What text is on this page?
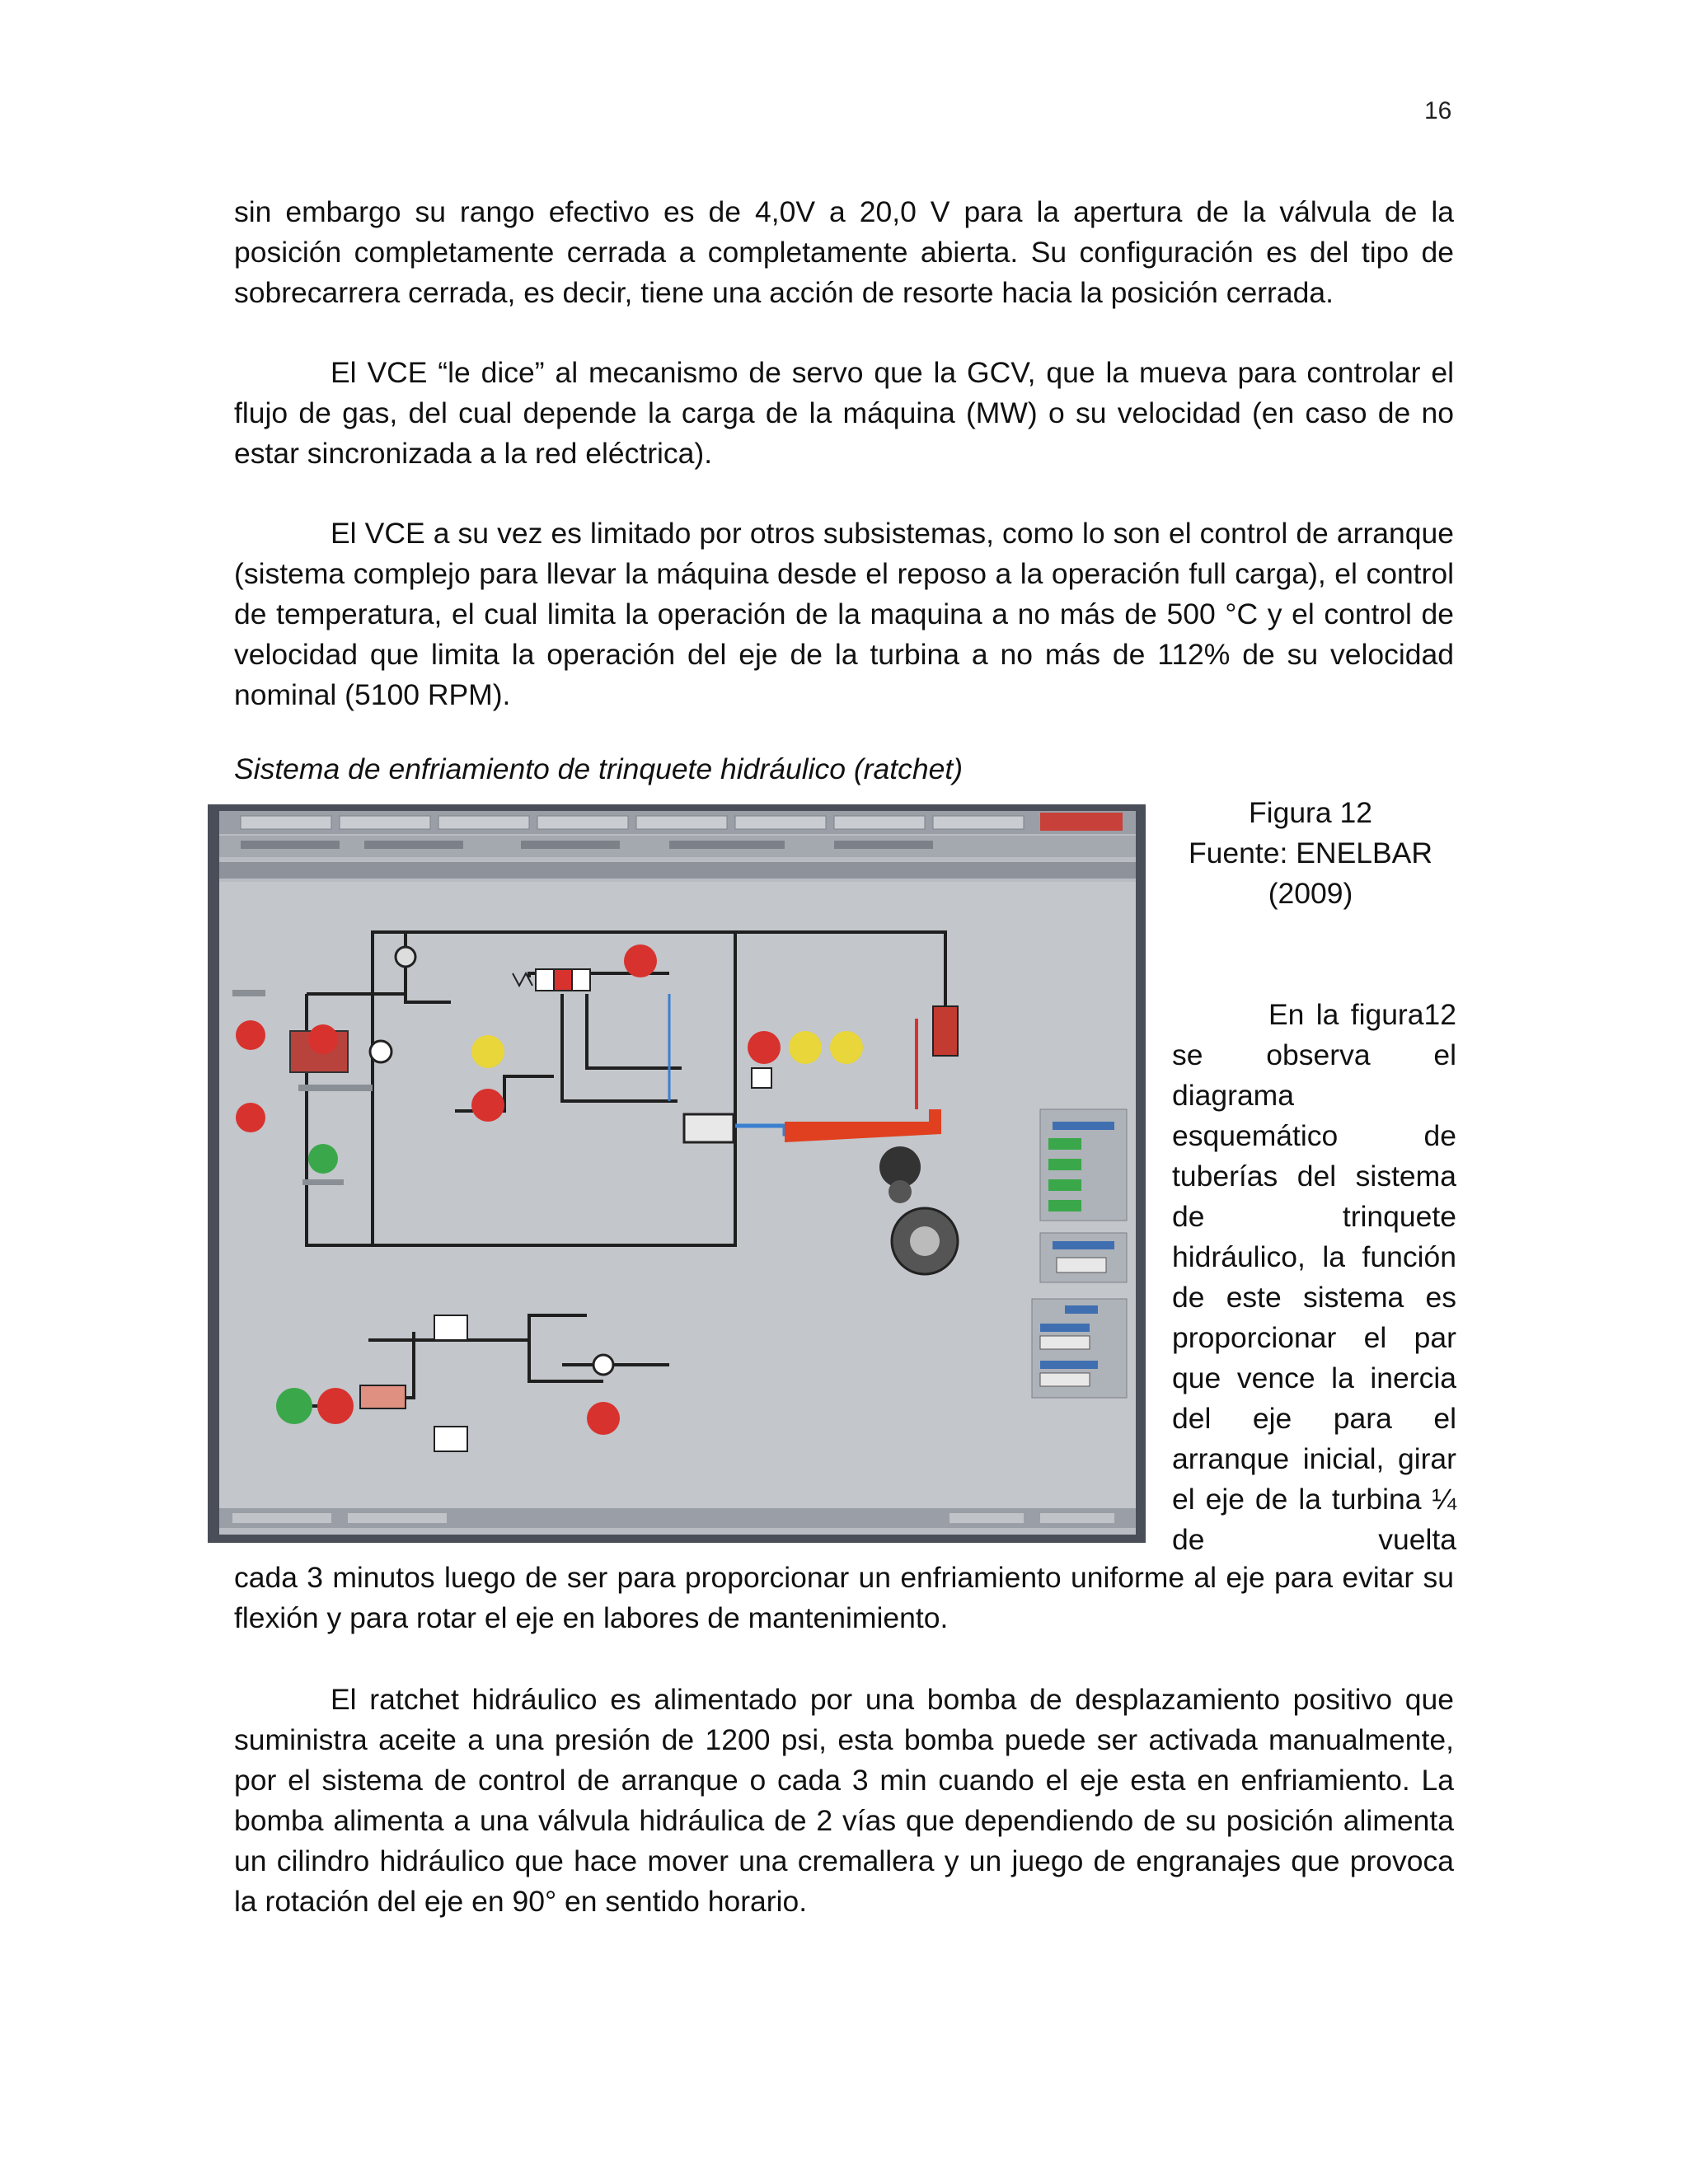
16

sin embargo su rango efectivo es de 4,0V a 20,0 V para la apertura de la válvula de la posición completamente cerrada a completamente abierta. Su configuración es del tipo de sobrecarrera cerrada, es decir, tiene una acción de resorte hacia la posición cerrada.

El VCE “le dice” al mecanismo de servo que la GCV, que la mueva para controlar el flujo de gas, del cual depende la carga de la máquina (MW) o su velocidad (en caso de no estar sincronizada a la red eléctrica).

El VCE a su vez es limitado por otros subsistemas, como lo son el control de arranque (sistema complejo para llevar la máquina desde el reposo a la operación full carga), el control de temperatura, el cual limita la operación de la maquina a no más de 500 °C y el control de velocidad que limita la operación del eje de la turbina a no más de 112% de su velocidad nominal (5100 RPM).

Sistema de enfriamiento de trinquete hidráulico (ratchet)

Figura 12
Fuente: ENELBAR
(2009)

En la figura12 se observa el diagrama esquemático de tuberías del sistema de trinquete hidráulico, la función de este sistema es proporcionar el par que vence la inercia del eje para el arranque inicial, girar el eje de la turbina ¼ de vuelta

cada 3 minutos luego de ser para proporcionar un enfriamiento uniforme al eje para evitar su flexión y para rotar el eje en labores de mantenimiento.

El ratchet hidráulico es alimentado por una bomba de desplazamiento positivo que suministra aceite a una presión de 1200 psi, esta bomba puede ser activada manualmente, por el sistema de control de arranque o cada 3 min cuando el eje esta en enfriamiento. La bomba alimenta a una válvula hidráulica de 2 vías que dependiendo de su posición alimenta un cilindro hidráulico que hace mover una cremallera y un juego de engranajes que provoca la rotación del eje en 90° en sentido horario.
